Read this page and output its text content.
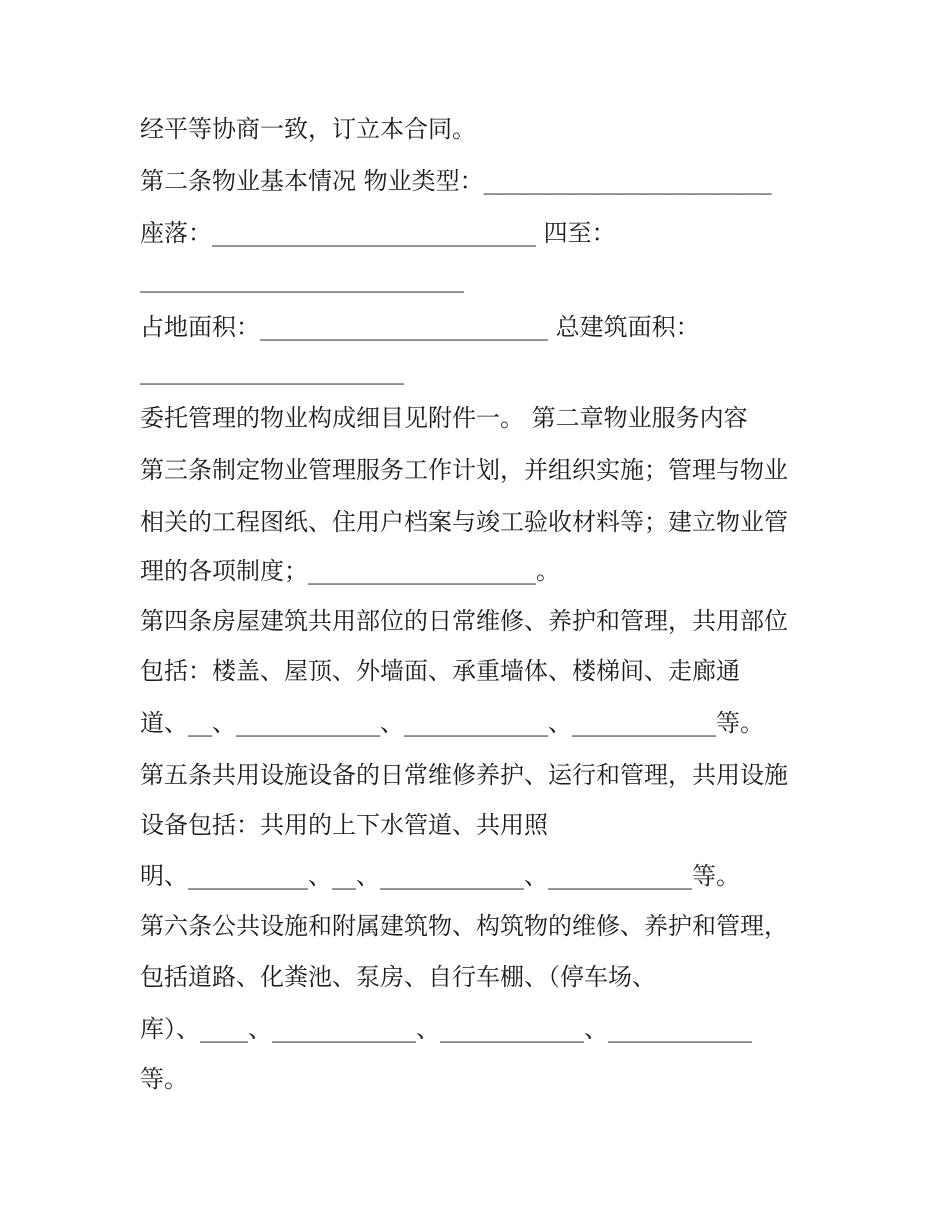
经平等协商一致，订立本合同。
第二条物业基本情况 物业类型：________________________
座落：___________________________ 四至：
___________________________
占地面积：________________________ 总建筑面积：
______________________
委托管理的物业构成细目见附件一。 第二章物业服务内容
第三条制定物业管理服务工作计划，并组织实施；管理与物业
相关的工程图纸、住用户档案与竣工验收材料等；建立物业管
理的各项制度；___________________。
第四条房屋建筑共用部位的日常维修、养护和管理，共用部位
包括：楼盖、屋顶、外墙面、承重墙体、楼梯间、走廊通
道、__、____________、____________、____________等。
第五条共用设施设备的日常维修养护、运行和管理，共用设施
设备包括：共用的上下水管道、共用照
明、__________、__、____________、____________等。
第六条公共设施和附属建筑物、构筑物的维修、养护和管理，
包括道路、化粪池、泵房、自行车棚、（停车场、
库）、____、____________、____________、____________
等。
